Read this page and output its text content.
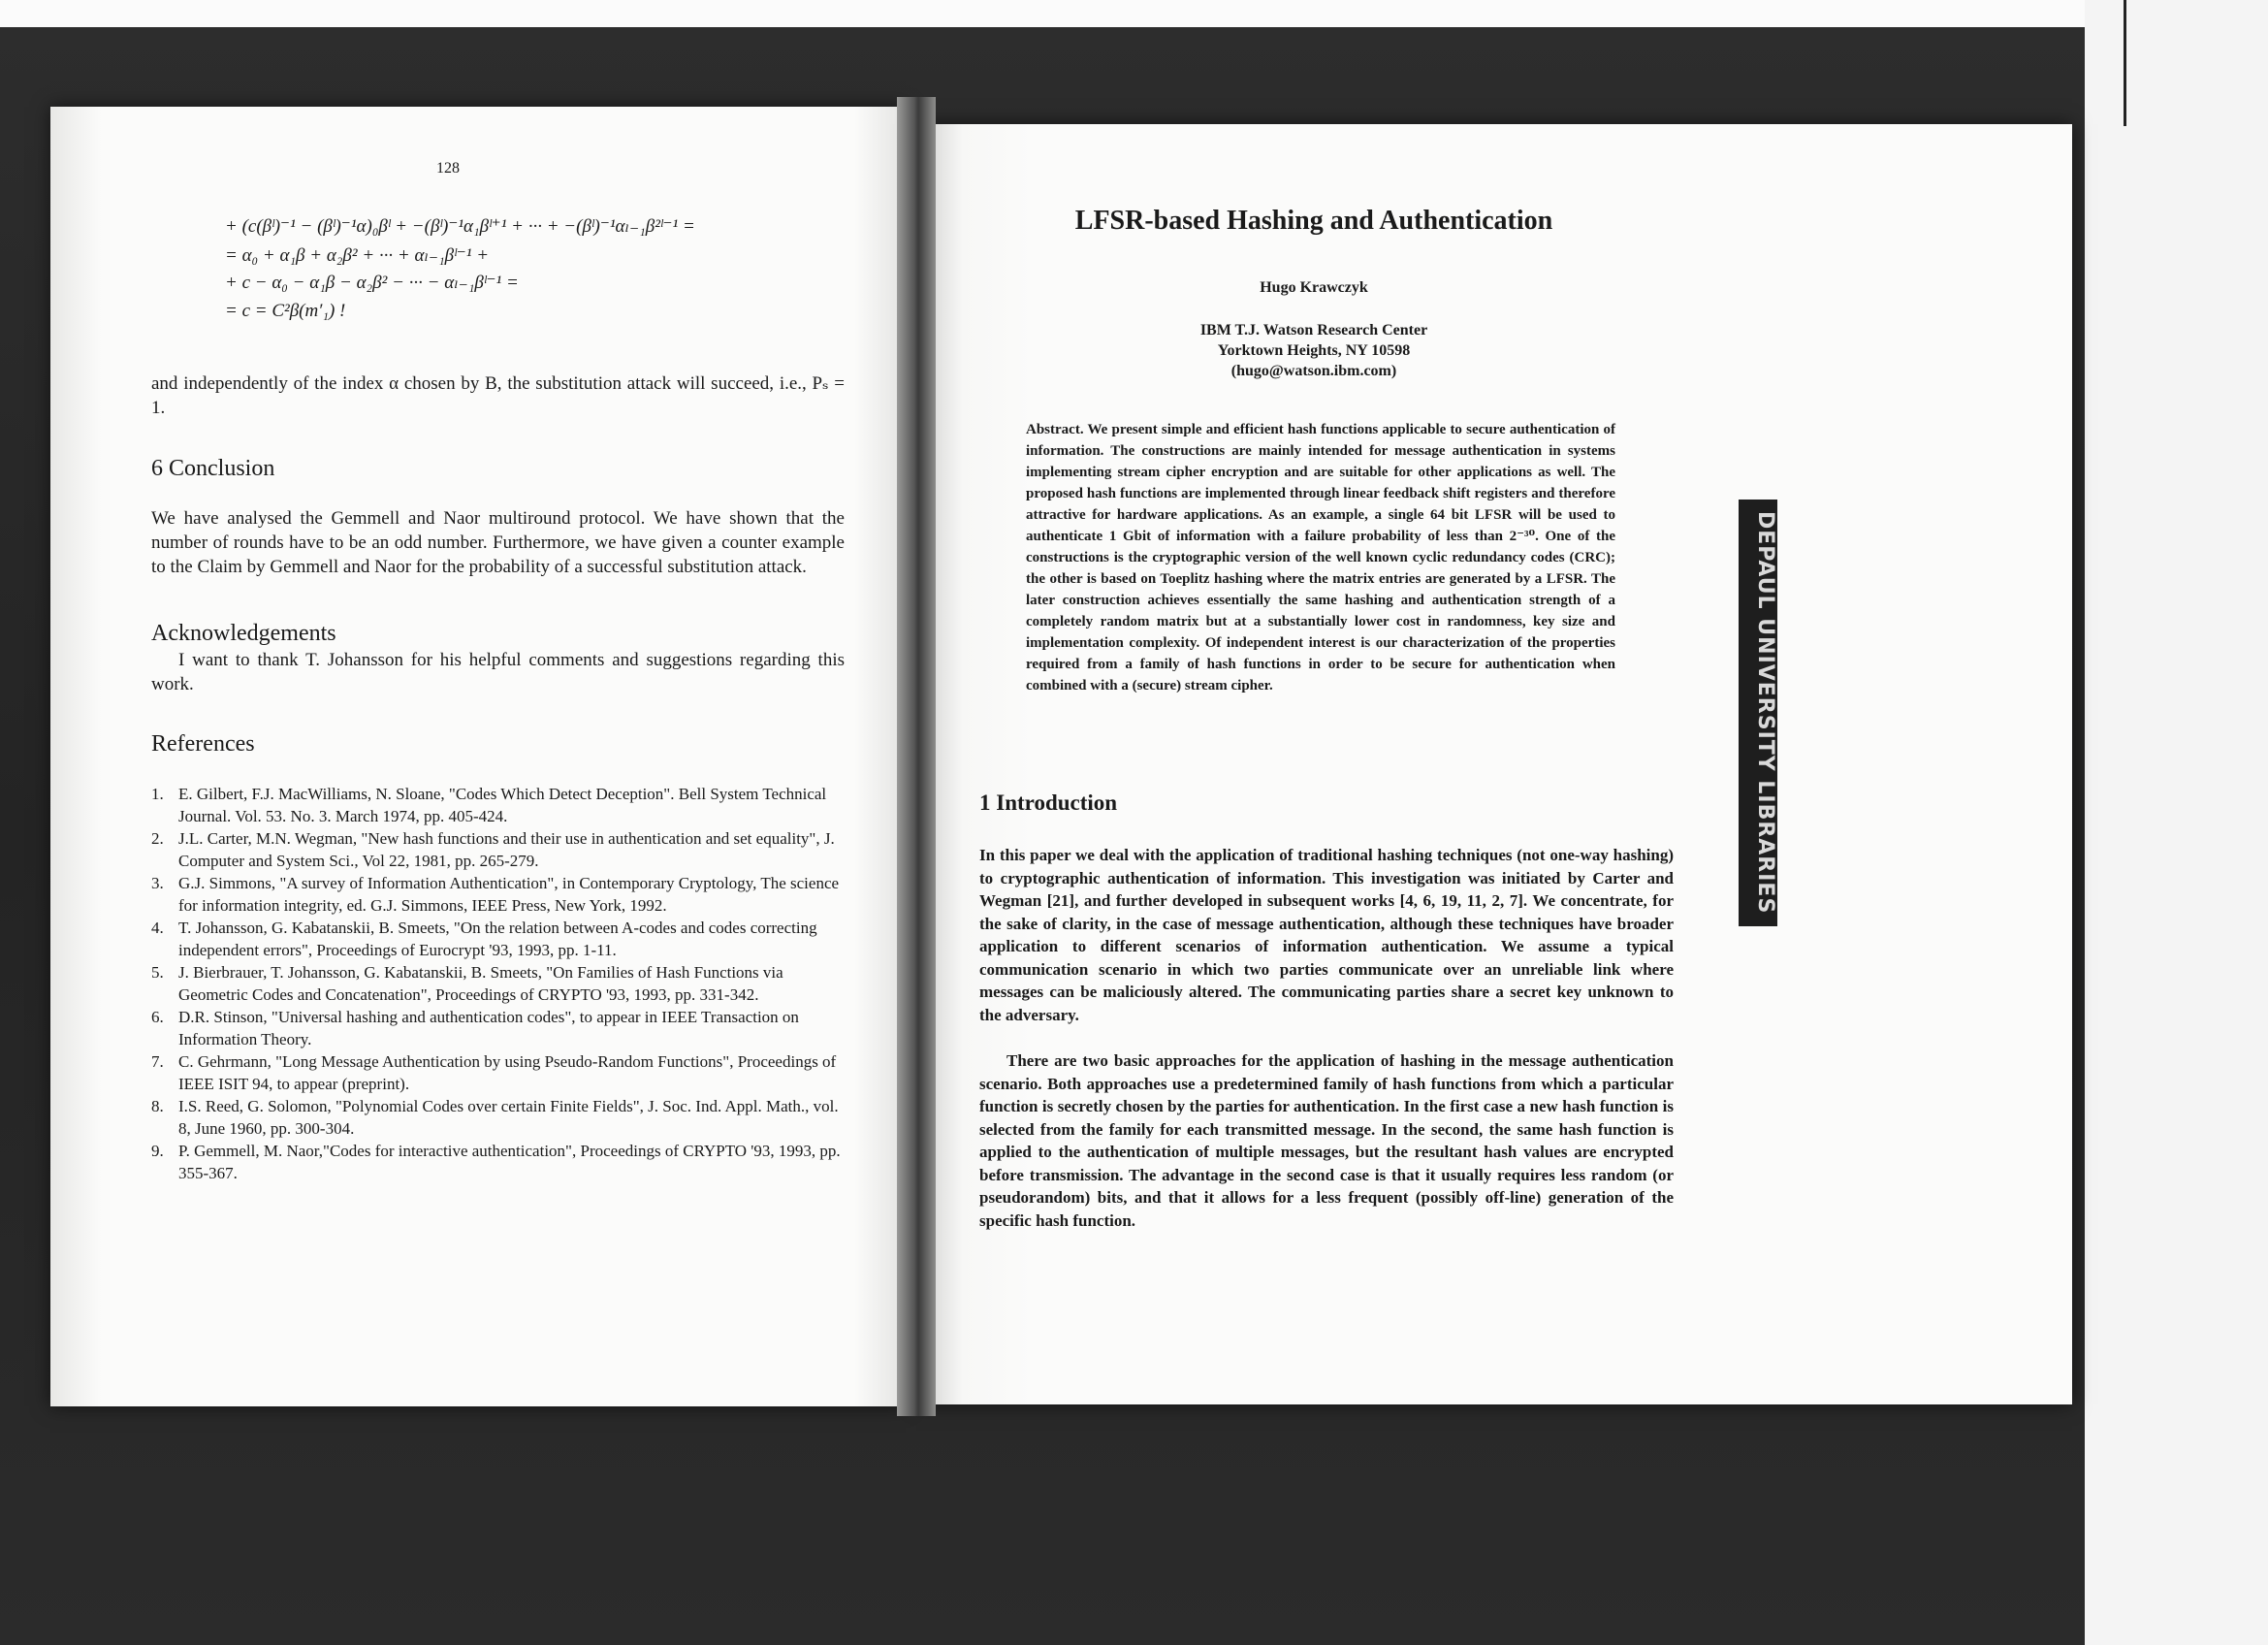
DEPAUL UNIVERSITY LIBRARIES
128
+ (c(βˡ)⁻¹ − (βˡ)⁻¹α)₀βˡ + −(βˡ)⁻¹α₁βˡ⁺¹ + ··· + −(βˡ)⁻¹αₗ₋₁β²ˡ⁻¹ =
= α₀ + α₁β + α₂β² + ··· + αₗ₋₁βˡ⁻¹ +
+ c − α₀ − α₁β − α₂β² − ··· − αₗ₋₁βˡ⁻¹ =
= c = C²β(m′₁) !
and independently of the index α chosen by B, the substitution attack will succeed, i.e., Pₛ = 1.
6 Conclusion
We have analysed the Gemmell and Naor multiround protocol. We have shown that the number of rounds have to be an odd number. Furthermore, we have given a counter example to the Claim by Gemmell and Naor for the probability of a successful substitution attack.
Acknowledgements
I want to thank T. Johansson for his helpful comments and suggestions regarding this work.
References
1. E. Gilbert, F.J. MacWilliams, N. Sloane, "Codes Which Detect Deception". Bell System Technical Journal. Vol. 53. No. 3. March 1974, pp. 405-424.
2. J.L. Carter, M.N. Wegman, "New hash functions and their use in authentication and set equality", J. Computer and System Sci., Vol 22, 1981, pp. 265-279.
3. G.J. Simmons, "A survey of Information Authentication", in Contemporary Cryptology, The science for information integrity, ed. G.J. Simmons, IEEE Press, New York, 1992.
4. T. Johansson, G. Kabatanskii, B. Smeets, "On the relation between A-codes and codes correcting independent errors", Proceedings of Eurocrypt '93, 1993, pp. 1-11.
5. J. Bierbrauer, T. Johansson, G. Kabatanskii, B. Smeets, "On Families of Hash Functions via Geometric Codes and Concatenation", Proceedings of CRYPTO '93, 1993, pp. 331-342.
6. D.R. Stinson, "Universal hashing and authentication codes", to appear in IEEE Transaction on Information Theory.
7. C. Gehrmann, "Long Message Authentication by using Pseudo-Random Functions", Proceedings of IEEE ISIT 94, to appear (preprint).
8. I.S. Reed, G. Solomon, "Polynomial Codes over certain Finite Fields", J. Soc. Ind. Appl. Math., vol. 8, June 1960, pp. 300-304.
9. P. Gemmell, M. Naor,"Codes for interactive authentication", Proceedings of CRYPTO '93, 1993, pp. 355-367.
LFSR-based Hashing and Authentication
Hugo Krawczyk
IBM T.J. Watson Research Center
Yorktown Heights, NY 10598
(hugo@watson.ibm.com)
Abstract. We present simple and efficient hash functions applicable to secure authentication of information. The constructions are mainly intended for message authentication in systems implementing stream cipher encryption and are suitable for other applications as well. The proposed hash functions are implemented through linear feedback shift registers and therefore attractive for hardware applications. As an example, a single 64 bit LFSR will be used to authenticate 1 Gbit of information with a failure probability of less than 2⁻³⁰. One of the constructions is the cryptographic version of the well known cyclic redundancy codes (CRC); the other is based on Toeplitz hashing where the matrix entries are generated by a LFSR. The later construction achieves essentially the same hashing and authentication strength of a completely random matrix but at a substantially lower cost in randomness, key size and implementation complexity. Of independent interest is our characterization of the properties required from a family of hash functions in order to be secure for authentication when combined with a (secure) stream cipher.
1 Introduction
In this paper we deal with the application of traditional hashing techniques (not one-way hashing) to cryptographic authentication of information. This investigation was initiated by Carter and Wegman [21], and further developed in subsequent works [4, 6, 19, 11, 2, 7]. We concentrate, for the sake of clarity, in the case of message authentication, although these techniques have broader application to different scenarios of information authentication. We assume a typical communication scenario in which two parties communicate over an unreliable link where messages can be maliciously altered. The communicating parties share a secret key unknown to the adversary.
There are two basic approaches for the application of hashing in the message authentication scenario. Both approaches use a predetermined family of hash functions from which a particular function is secretly chosen by the parties for authentication. In the first case a new hash function is selected from the family for each transmitted message. In the second, the same hash function is applied to the authentication of multiple messages, but the resultant hash values are encrypted before transmission. The advantage in the second case is that it usually requires less random (or pseudorandom) bits, and that it allows for a less frequent (possibly off-line) generation of the specific hash function.
